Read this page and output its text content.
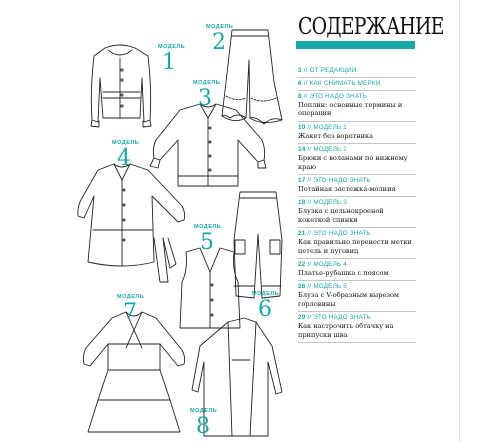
МОДЕЛЬ
1
МОДЕЛЬ
2
МОДЕЛЬ
3
МОДЕЛЬ
4
МОДЕЛЬ
5
МОДЕЛЬ
6
МОДЕЛЬ
7
МОДЕЛЬ
8
СОДЕРЖАНИЕ
3 // ОТ РЕДАКЦИИ
6 // КАК СНИМАТЬ МЕРКИ
8 // ЭТО НАДО ЗНАТЬ
Поплин: основные термины и операции
10 // МОДЕЛЬ 1
Жакет без воротника
14 // МОДЕЛЬ 2
Брюки с воланами по нижнему краю
17 // ЭТО НАДО ЗНАТЬ
Потайная застежка-молния
18 // МОДЕЛЬ 3
Блузка с цельнокроеной кокеткой спинки
21 // ЭТО НАДО ЗНАТЬ
Как правильно перенести метки петель и пуговиц
22 // МОДЕЛЬ 4
Платье-рубашка с поясом
26 // МОДЕЛЬ 5
Блуза с V-образным вырезом горловины
29 // ЭТО НАДО ЗНАТЬ
Как настрочить обтачку на припуски шва
